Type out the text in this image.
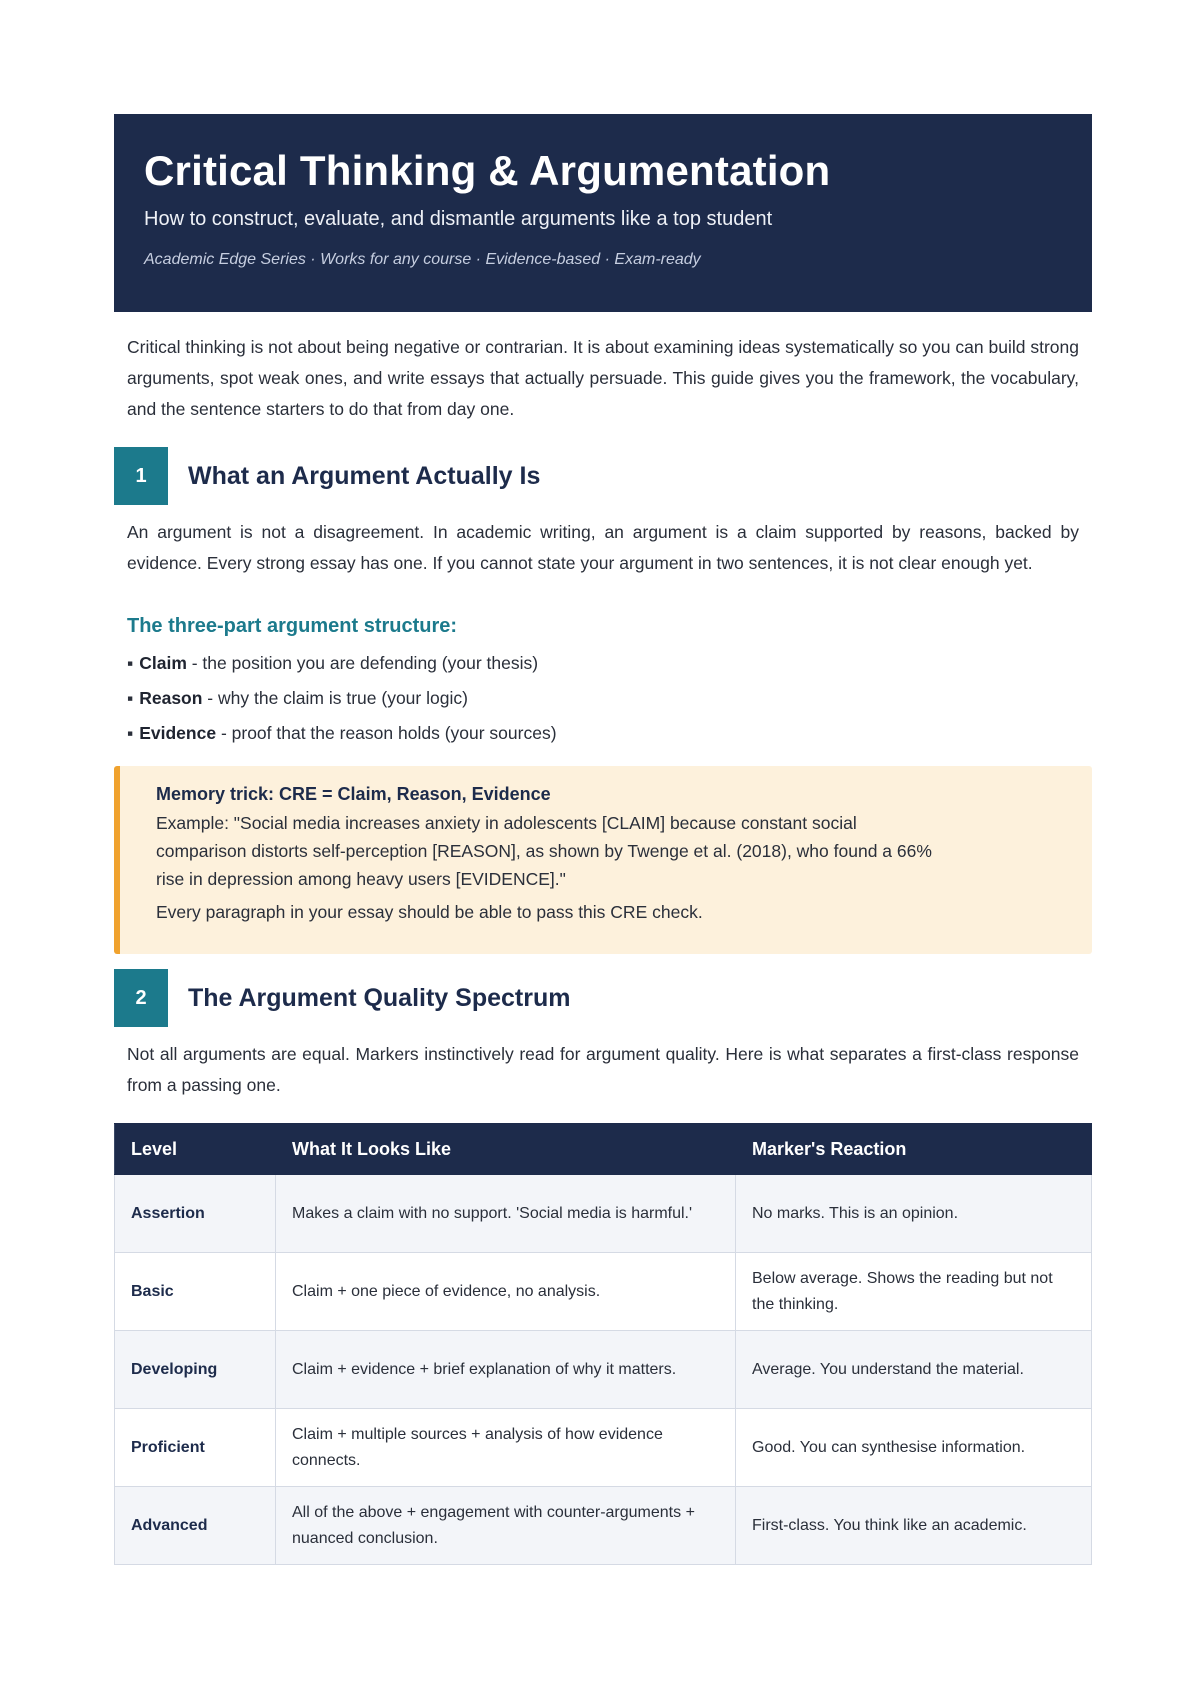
Critical Thinking & Argumentation
How to construct, evaluate, and dismantle arguments like a top student
Academic Edge Series · Works for any course · Evidence-based · Exam-ready

Critical thinking is not about being negative or contrarian. It is about examining ideas systematically so you can build strong arguments, spot weak ones, and write essays that actually persuade. This guide gives you the framework, the vocabulary, and the sentence starters to do that from day one.

1	What an Argument Actually Is

An argument is not a disagreement. In academic writing, an argument is a claim supported by reasons, backed by evidence. Every strong essay has one. If you cannot state your argument in two sentences, it is not clear enough yet.

The three-part argument structure:
▪ Claim - the position you are defending (your thesis)
▪ Reason - why the claim is true (your logic)
▪ Evidence - proof that the reason holds (your sources)
Memory trick: CRE = Claim, Reason, Evidence
Example: "Social media increases anxiety in adolescents [CLAIM] because constant social
comparison distorts self-perception [REASON], as shown by Twenge et al. (2018), who found a 66%
rise in depression among heavy users [EVIDENCE]."
Every paragraph in your essay should be able to pass this CRE check.
2	The Argument Quality Spectrum

Not all arguments are equal. Markers instinctively read for argument quality. Here is what separates a first-class response from a passing one.

Level	What It Looks Like	Marker's Reaction
Assertion	Makes a claim with no support. 'Social media is harmful.'	No marks. This is an opinion.
Basic	Claim + one piece of evidence, no analysis.	Below average. Shows the reading but not the thinking.
Developing	Claim + evidence + brief explanation of why it matters.	Average. You understand the material.
Proficient	Claim + multiple sources + analysis of how evidence connects.	Good. You can synthesise information.
Advanced	All of the above + engagement with counter-arguments + nuanced conclusion.	First-class. You think like an academic.
